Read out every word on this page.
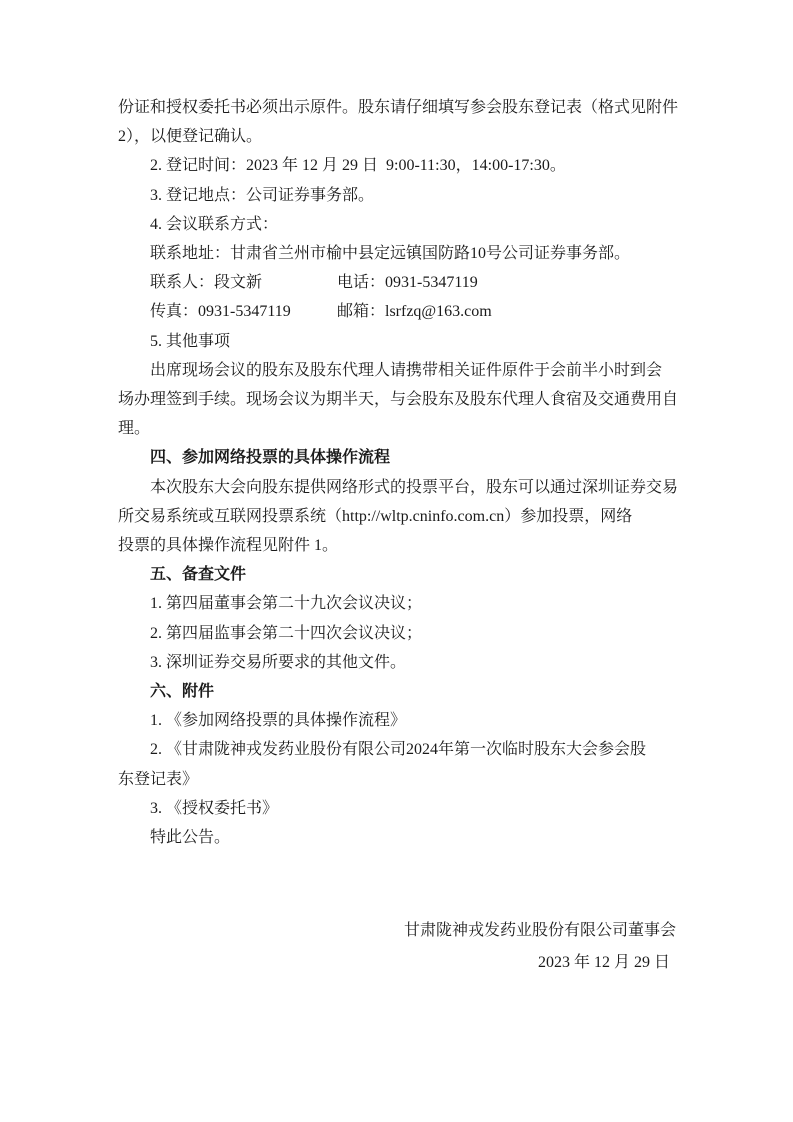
份证和授权委托书必须出示原件。股东请仔细填写参会股东登记表（格式见附件
2），以便登记确认。
2. 登记时间：2023 年 12 月 29 日  9:00-11:30，14:00-17:30。
3. 登记地点：公司证券事务部。
4. 会议联系方式：
联系地址：甘肃省兰州市榆中县定远镇国防路10号公司证券事务部。
联系人：段文新	电话：0931-5347119
传真：0931-5347119	邮箱：lsrfzq@163.com
5. 其他事项
出席现场会议的股东及股东代理人请携带相关证件原件于会前半小时到会
场办理签到手续。现场会议为期半天，与会股东及股东代理人食宿及交通费用自
理。
四、参加网络投票的具体操作流程
本次股东大会向股东提供网络形式的投票平台，股东可以通过深圳证券交易
所交易系统或互联网投票系统（http://wltp.cninfo.com.cn）参加投票，网络
投票的具体操作流程见附件 1。
五、备查文件
1. 第四届董事会第二十九次会议决议；
2. 第四届监事会第二十四次会议决议；
3. 深圳证券交易所要求的其他文件。
六、附件
1. 《参加网络投票的具体操作流程》
2. 《甘肃陇神戎发药业股份有限公司2024年第一次临时股东大会参会股
东登记表》
3. 《授权委托书》
特此公告。
甘肃陇神戎发药业股份有限公司董事会
2023 年 12 月 29 日
